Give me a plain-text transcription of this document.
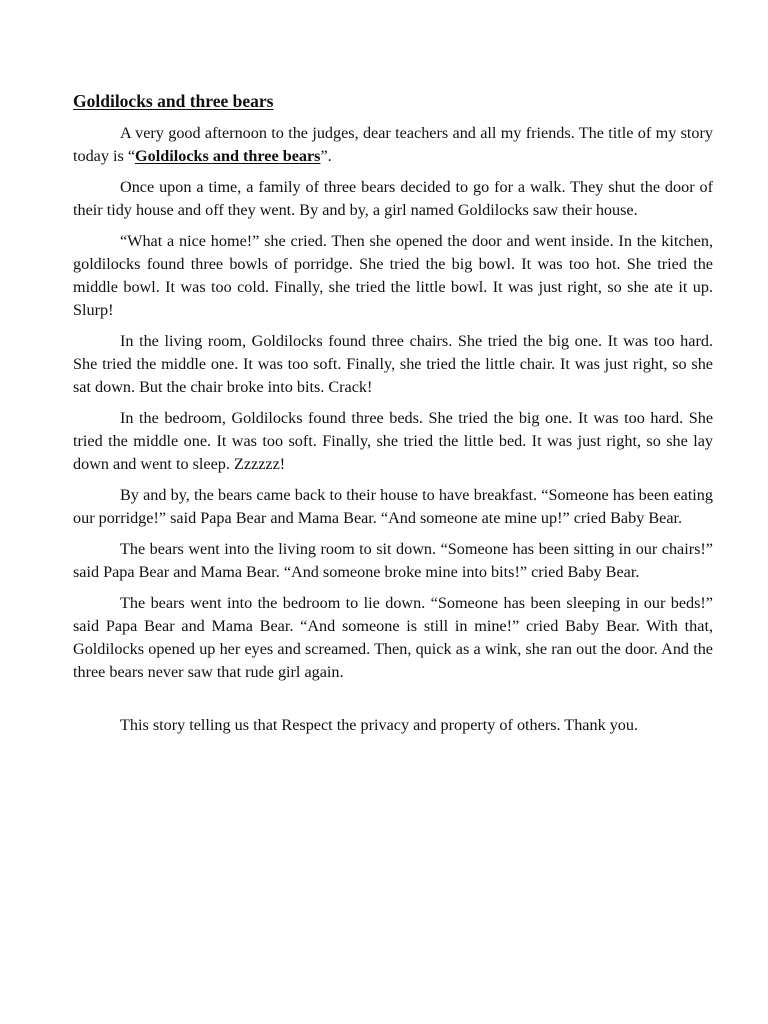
Goldilocks and three bears

A very good afternoon to the judges, dear teachers and all my friends. The title of my story today is “Goldilocks and three bears”.

Once upon a time, a family of three bears decided to go for a walk. They shut the door of their tidy house and off they went. By and by, a girl named Goldilocks saw their house.

“What a nice home!” she cried. Then she opened the door and went inside. In the kitchen, goldilocks found three bowls of porridge. She tried the big bowl. It was too hot. She tried the middle bowl. It was too cold. Finally, she tried the little bowl. It was just right, so she ate it up. Slurp!

In the living room, Goldilocks found three chairs. She tried the big one. It was too hard. She tried the middle one. It was too soft. Finally, she tried the little chair. It was just right, so she sat down. But the chair broke into bits. Crack!

In the bedroom, Goldilocks found three beds. She tried the big one. It was too hard. She tried the middle one. It was too soft. Finally, she tried the little bed. It was just right, so she lay down and went to sleep. Zzzzzz!

By and by, the bears came back to their house to have breakfast. “Someone has been eating our porridge!” said Papa Bear and Mama Bear. “And someone ate mine up!” cried Baby Bear.

The bears went into the living room to sit down. “Someone has been sitting in our chairs!” said Papa Bear and Mama Bear. “And someone broke mine into bits!” cried Baby Bear.

The bears went into the bedroom to lie down. “Someone has been sleeping in our beds!” said Papa Bear and Mama Bear. “And someone is still in mine!” cried Baby Bear. With that, Goldilocks opened up her eyes and screamed. Then, quick as a wink, she ran out the door. And the three bears never saw that rude girl again.

This story telling us that Respect the privacy and property of others. Thank you.
